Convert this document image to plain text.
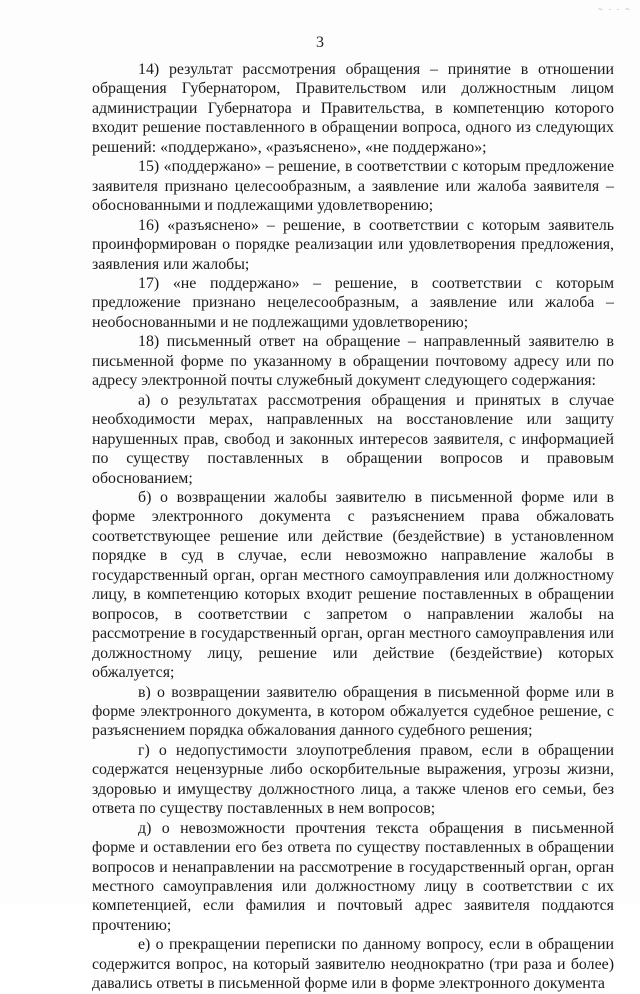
~ - - ~
3

14) результат рассмотрения обращения – принятие в отношении обращения Губернатором, Правительством или должностным лицом администрации Губернатора и Правительства, в компетенцию которого входит решение поставленного в обращении вопроса, одного из следующих решений: «поддержано», «разъяснено», «не поддержано»;

15) «поддержано» – решение, в соответствии с которым предложение заявителя признано целесообразным, а заявление или жалоба заявителя – обоснованными и подлежащими удовлетворению;

16) «разъяснено» – решение, в соответствии с которым заявитель проинформирован о порядке реализации или удовлетворения предложения, заявления или жалобы;

17) «не поддержано» – решение, в соответствии с которым предложение признано нецелесообразным, а заявление или жалоба – необоснованными и не подлежащими удовлетворению;

18) письменный ответ на обращение – направленный заявителю в письменной форме по указанному в обращении почтовому адресу или по адресу электронной почты служебный документ следующего содержания:

а) о результатах рассмотрения обращения и принятых в случае необходимости мерах, направленных на восстановление или защиту нарушенных прав, свобод и законных интересов заявителя, с информацией по существу поставленных в обращении вопросов и правовым обоснованием;

б) о возвращении жалобы заявителю в письменной форме или в форме электронного документа с разъяснением права обжаловать соответствующее решение или действие (бездействие) в установленном порядке в суд в случае, если невозможно направление жалобы в государственный орган, орган местного самоуправления или должностному лицу, в компетенцию которых входит решение поставленных в обращении вопросов, в соответствии с запретом о направлении жалобы на рассмотрение в государственный орган, орган местного самоуправления или должностному лицу, решение или действие (бездействие) которых обжалуется;

в) о возвращении заявителю обращения в письменной форме или в форме электронного документа, в котором обжалуется судебное решение, с разъяснением порядка обжалования данного судебного решения;

г) о недопустимости злоупотребления правом, если в обращении содержатся нецензурные либо оскорбительные выражения, угрозы жизни, здоровью и имуществу должностного лица, а также членов его семьи, без ответа по существу поставленных в нем вопросов;

д) о невозможности прочтения текста обращения в письменной форме и оставлении его без ответа по существу поставленных в обращении вопросов и ненаправлении на рассмотрение в государственный орган, орган местного самоуправления или должностному лицу в соответствии с их компетенцией, если фамилия и почтовый адрес заявителя поддаются прочтению;

е) о прекращении переписки по данному вопросу, если в обращении содержится вопрос, на который заявителю неоднократно (три раза и более) давались ответы в письменной форме или в форме электронного документа
